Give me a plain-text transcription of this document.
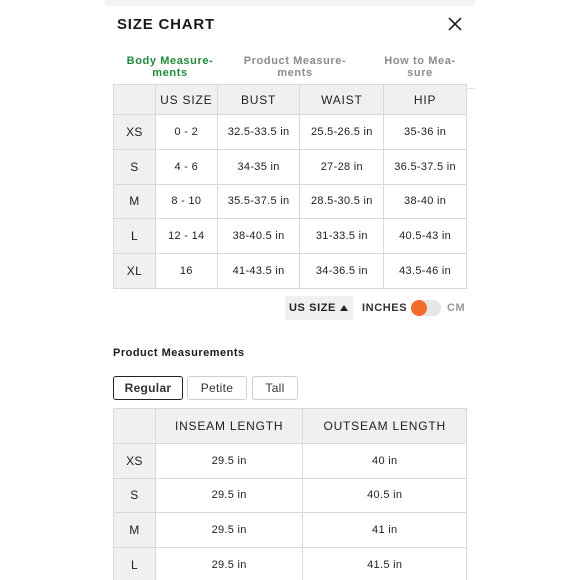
SIZE CHART
Body Measure-
ments
Product Measure-
ments
How to Mea-
sure
	US SIZE	BUST	WAIST	HIP
XS	0 - 2	32.5-33.5 in	25.5-26.5 in	35-36 in
S	4 - 6	34-35 in	27-28 in	36.5-37.5 in
M	8 - 10	35.5-37.5 in	28.5-30.5 in	38-40 in
L	12 - 14	38-40.5 in	31-33.5 in	40.5-43 in
XL	16	41-43.5 in	34-36.5 in	43.5-46 in
US SIZE	INCHES	CM
Product Measurements
Regular	Petite	Tall
	INSEAM LENGTH	OUTSEAM LENGTH
XS	29.5 in	40 in
S	29.5 in	40.5 in
M	29.5 in	41 in
L	29.5 in	41.5 in
